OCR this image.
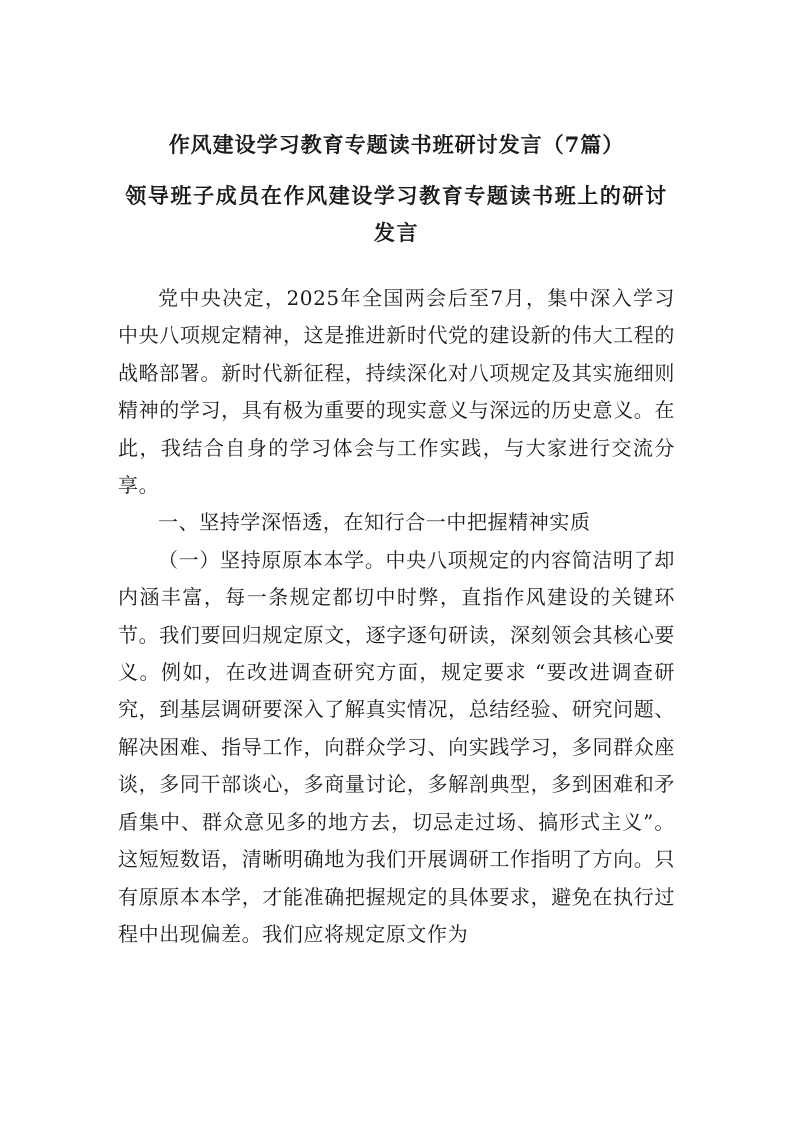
作风建设学习教育专题读书班研讨发言（7篇）
领导班子成员在作风建设学习教育专题读书班上的研讨发言

党中央决定，2025年全国两会后至7月，集中深入学习中央八项规定精神，这是推进新时代党的建设新的伟大工程的战略部署。新时代新征程，持续深化对八项规定及其实施细则精神的学习，具有极为重要的现实意义与深远的历史意义。在此，我结合自身的学习体会与工作实践，与大家进行交流分享。

一、坚持学深悟透，在知行合一中把握精神实质

（一）坚持原原本本学。中央八项规定的内容简洁明了却内涵丰富，每一条规定都切中时弊，直指作风建设的关键环节。我们要回归规定原文，逐字逐句研读，深刻领会其核心要义。例如，在改进调查研究方面，规定要求 “要改进调查研究，到基层调研要深入了解真实情况，总结经验、研究问题、解决困难、指导工作，向群众学习、向实践学习，多同群众座谈，多同干部谈心，多商量讨论，多解剖典型，多到困难和矛盾集中、群众意见多的地方去，切忌走过场、搞形式主义”。这短短数语，清晰明确地为我们开展调研工作指明了方向。只有原原本本学，才能准确把握规定的具体要求，避免在执行过程中出现偏差。我们应将规定原文作为
